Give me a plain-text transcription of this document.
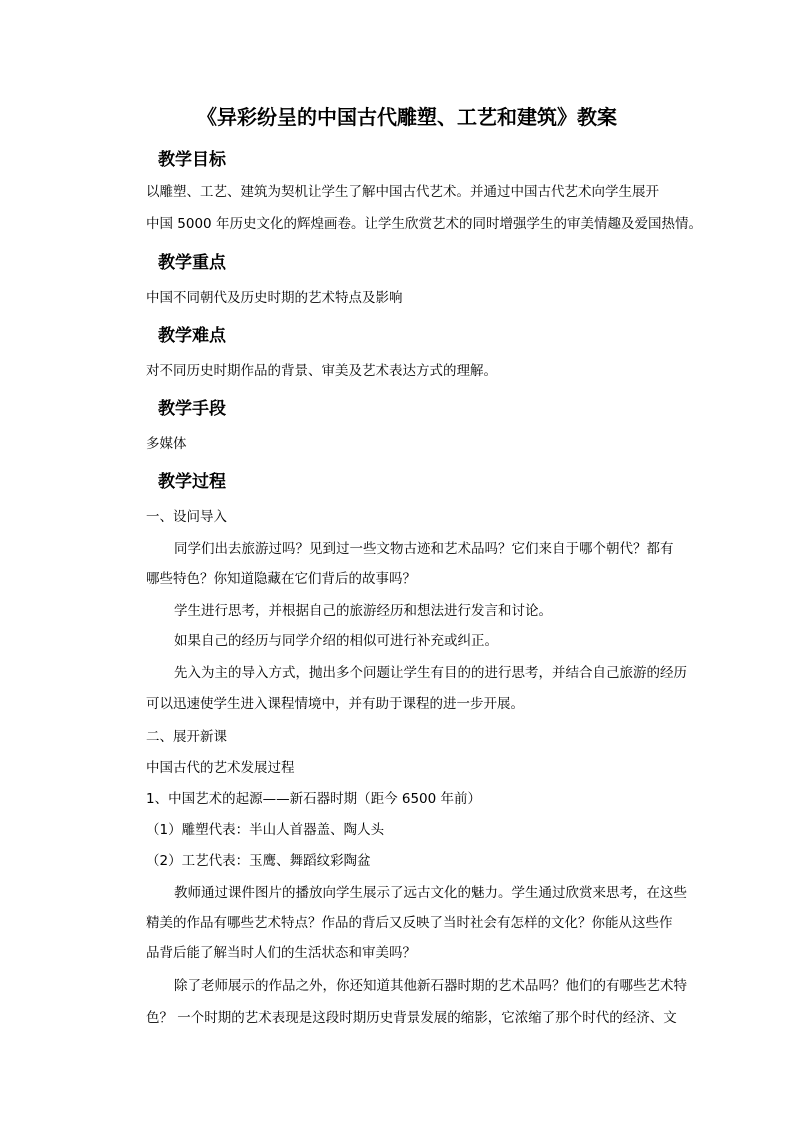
《异彩纷呈的中国古代雕塑、工艺和建筑》教案
教学目标
以雕塑、工艺、建筑为契机让学生了解中国古代艺术。并通过中国古代艺术向学生展开
中国 5000 年历史文化的辉煌画卷。让学生欣赏艺术的同时增强学生的审美情趣及爱国热情。
教学重点
中国不同朝代及历史时期的艺术特点及影响
教学难点
对不同历史时期作品的背景、审美及艺术表达方式的理解。
教学手段
多媒体
教学过程
一、设问导入
同学们出去旅游过吗？见到过一些文物古迹和艺术品吗？它们来自于哪个朝代？都有
哪些特色？你知道隐藏在它们背后的故事吗？
学生进行思考，并根据自己的旅游经历和想法进行发言和讨论。
如果自己的经历与同学介绍的相似可进行补充或纠正。
先入为主的导入方式，抛出多个问题让学生有目的的进行思考，并结合自己旅游的经历
可以迅速使学生进入课程情境中，并有助于课程的进一步开展。
二、展开新课
中国古代的艺术发展过程
1、中国艺术的起源——新石器时期（距今 6500 年前）
（1）雕塑代表：半山人首器盖、陶人头
（2）工艺代表：玉鹰、舞蹈纹彩陶盆
教师通过课件图片的播放向学生展示了远古文化的魅力。学生通过欣赏来思考，在这些
精美的作品有哪些艺术特点？作品的背后又反映了当时社会有怎样的文化？你能从这些作
品背后能了解当时人们的生活状态和审美吗？
除了老师展示的作品之外，你还知道其他新石器时期的艺术品吗？他们的有哪些艺术特
色？ 一个时期的艺术表现是这段时期历史背景发展的缩影，它浓缩了那个时代的经济、文
